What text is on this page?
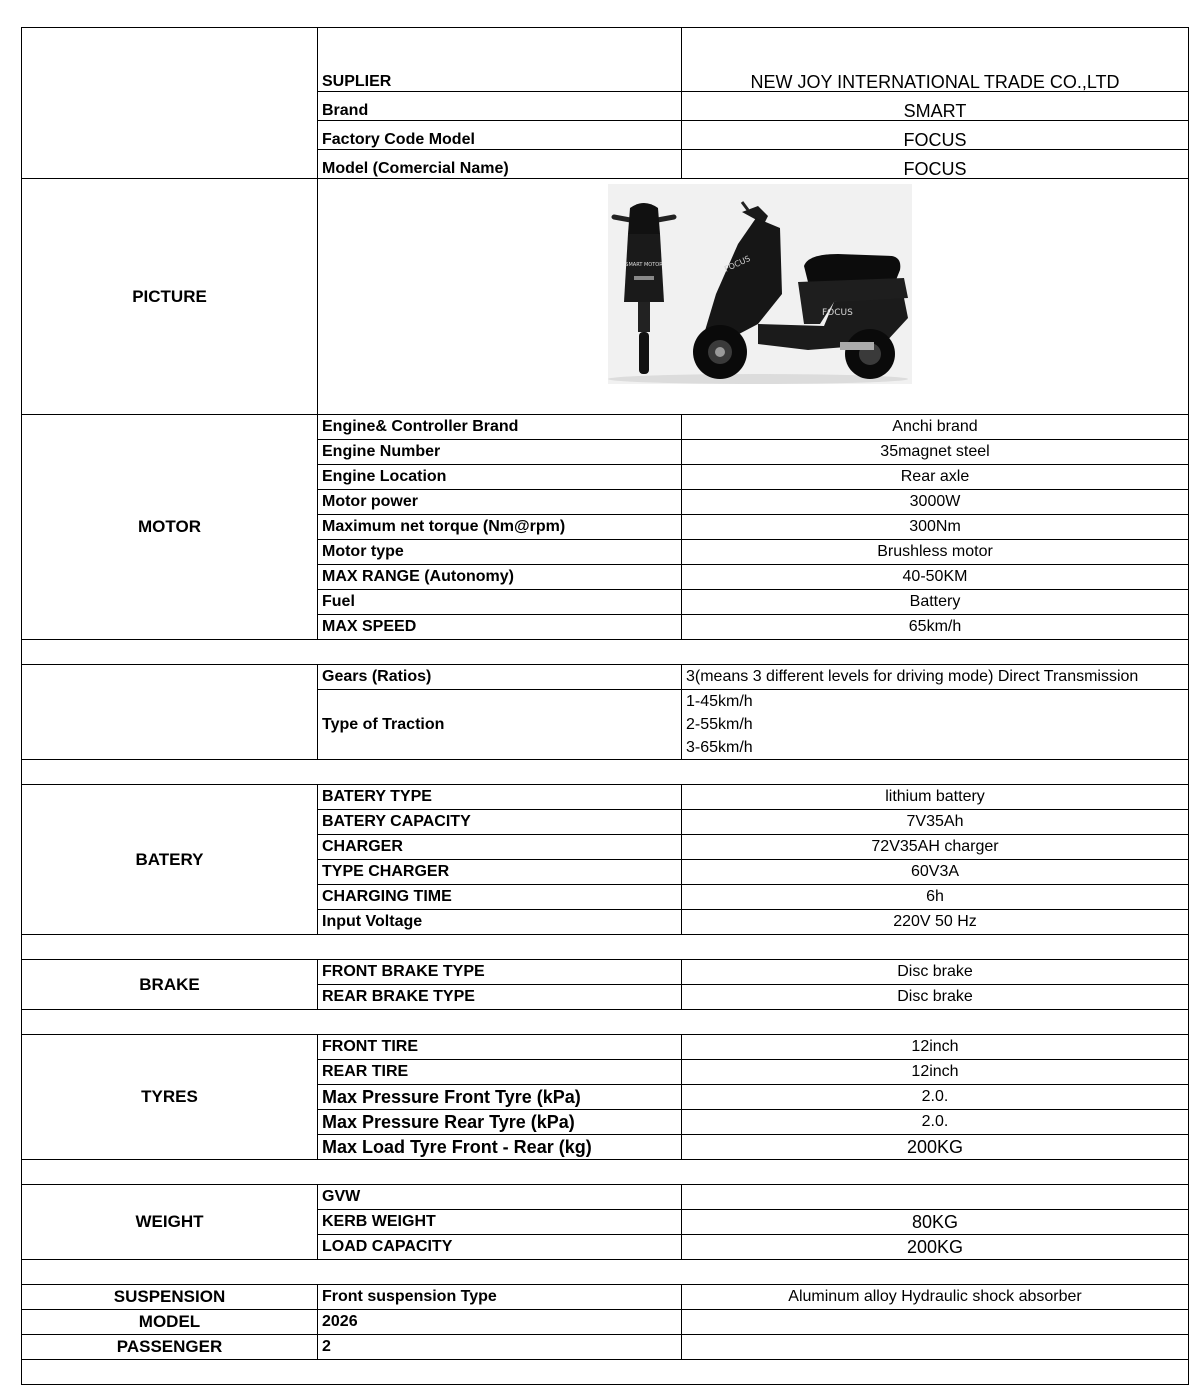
	SUPLIER	NEW JOY INTERNATIONAL TRADE CO.,LTD
	Brand	SMART
	Factory Code Model	FOCUS
	Model (Comercial Name)	FOCUS
PICTURE	SMART MOTOR FOCUS
FOCUS	

MOTOR	Engine& Controller Brand	Anchi brand
	Engine Number	35magnet steel
	Engine Location	Rear axle
	Motor power	3000W
	Maximum net torque (Nm@rpm)	300Nm
	Motor type	Brushless motor
	MAX RANGE (Autonomy)	40-50KM
	Fuel	Battery
	MAX SPEED	65km/h

	Gears (Ratios)	3(means 3 different levels for driving mode) Direct Transmission
	Type of Traction	1-45km/h
2-55km/h
3-65km/h

BATERY	BATERY TYPE	lithium battery
	BATERY CAPACITY	7V35Ah
	CHARGER	72V35AH charger
	TYPE CHARGER	60V3A
	CHARGING TIME	6h
	Input Voltage	220V 50 Hz

BRAKE	FRONT BRAKE TYPE	Disc brake
	REAR BRAKE TYPE	Disc brake

TYRES	FRONT TIRE	12inch
	REAR TIRE	12inch
	Max Pressure Front Tyre (kPa)	2.0.
	Max Pressure Rear Tyre (kPa)	2.0.
	Max Load Tyre Front - Rear (kg)	200KG

WEIGHT	GVW	
	KERB WEIGHT	80KG
	LOAD CAPACITY	200KG

SUSPENSION	Front suspension Type	Aluminum alloy Hydraulic shock absorber
MODEL	2026	
PASSENGER	2	
